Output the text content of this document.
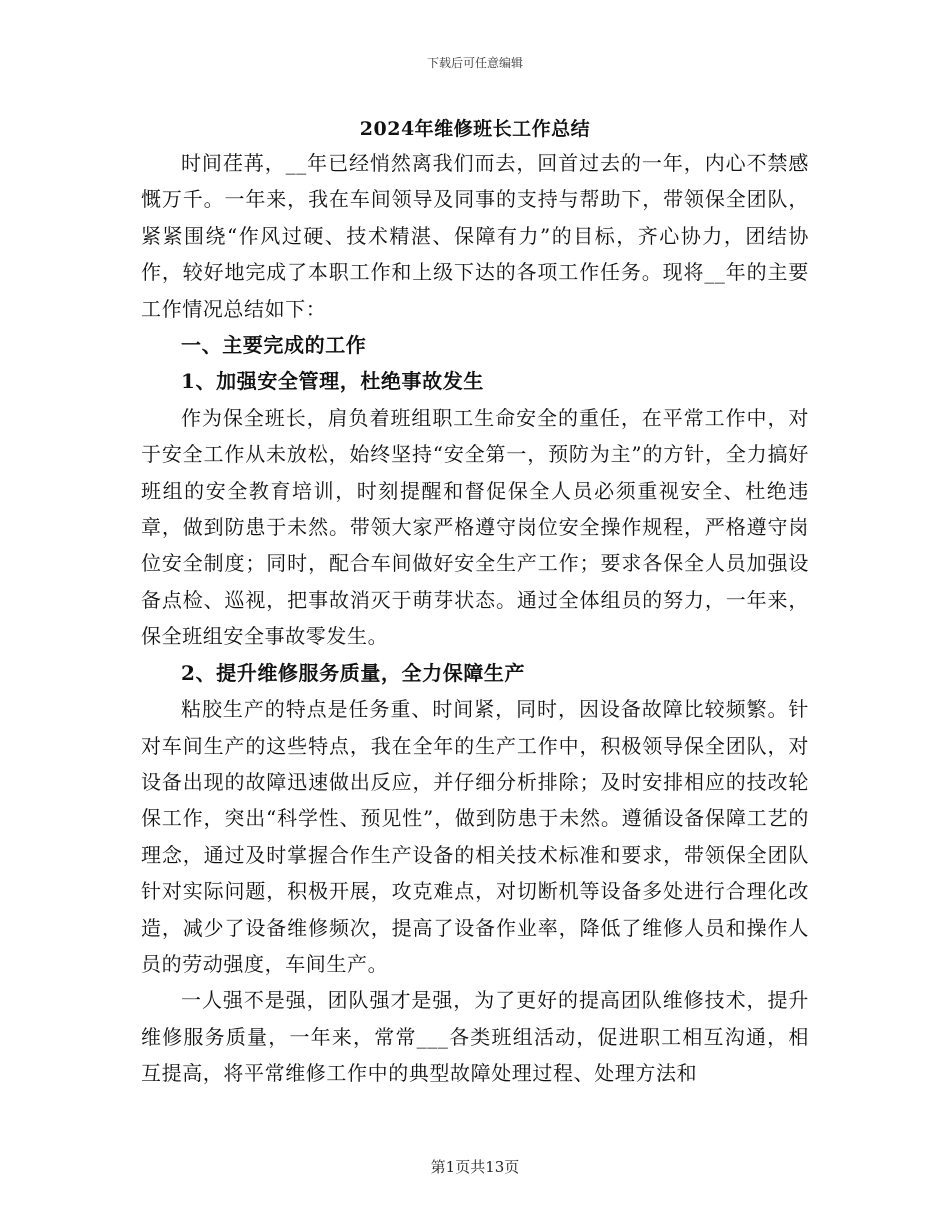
下载后可任意编辑
2024年维修班长工作总结

时间荏苒，__年已经悄然离我们而去，回首过去的一年，内心不禁感慨万千。一年来，我在车间领导及同事的支持与帮助下，带领保全团队，紧紧围绕“作风过硬、技术精湛、保障有力”的目标，齐心协力，团结协作，较好地完成了本职工作和上级下达的各项工作任务。现将__年的主要工作情况总结如下：

一、主要完成的工作

1、加强安全管理，杜绝事故发生

作为保全班长，肩负着班组职工生命安全的重任，在平常工作中，对于安全工作从未放松，始终坚持“安全第一，预防为主”的方针，全力搞好班组的安全教育培训，时刻提醒和督促保全人员必须重视安全、杜绝违章，做到防患于未然。带领大家严格遵守岗位安全操作规程，严格遵守岗位安全制度；同时，配合车间做好安全生产工作；要求各保全人员加强设备点检、巡视，把事故消灭于萌芽状态。通过全体组员的努力，一年来，保全班组安全事故零发生。

2、提升维修服务质量，全力保障生产

粘胶生产的特点是任务重、时间紧，同时，因设备故障比较频繁。针对车间生产的这些特点，我在全年的生产工作中，积极领导保全团队，对设备出现的故障迅速做出反应，并仔细分析排除；及时安排相应的技改轮保工作，突出“科学性、预见性”，做到防患于未然。遵循设备保障工艺的理念，通过及时掌握合作生产设备的相关技术标准和要求，带领保全团队针对实际问题，积极开展，攻克难点，对切断机等设备多处进行合理化改造，减少了设备维修频次，提高了设备作业率，降低了维修人员和操作人员的劳动强度，车间生产。

一人强不是强，团队强才是强，为了更好的提高团队维修技术，提升维修服务质量，一年来，常常___各类班组活动，促进职工相互沟通，相互提高，将平常维修工作中的典型故障处理过程、处理方法和

第1页共13页
